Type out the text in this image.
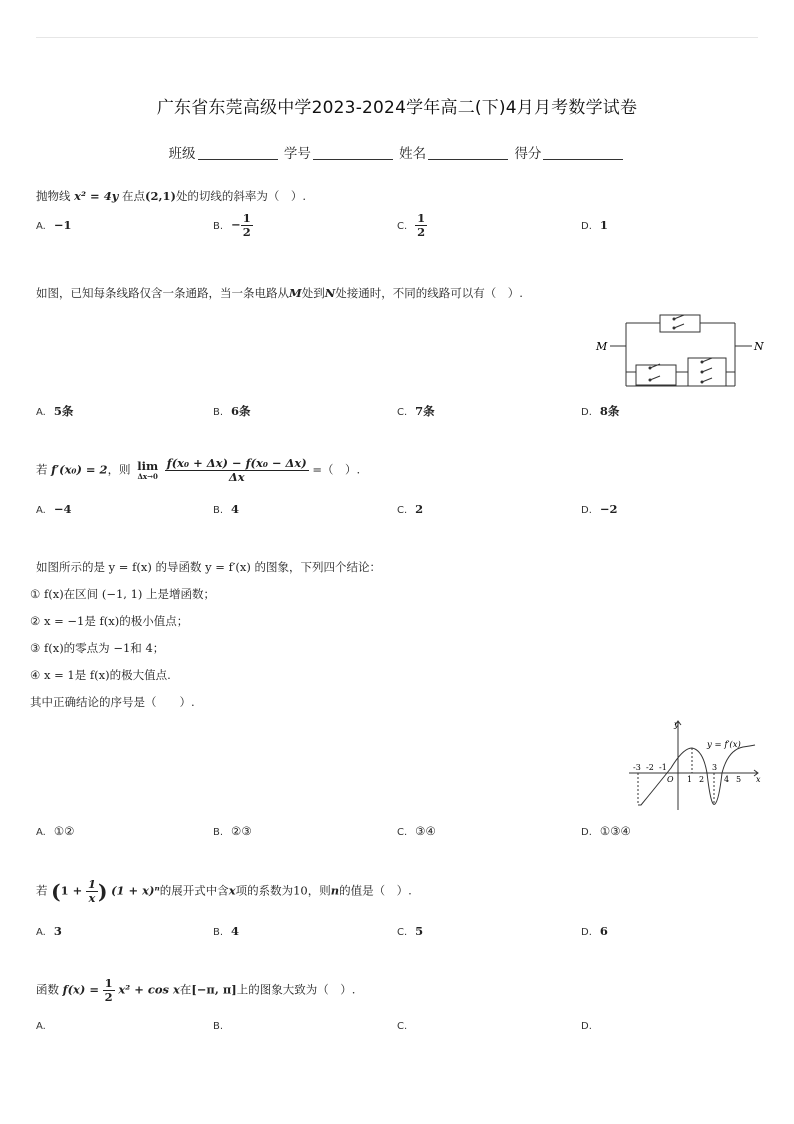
广东省东莞高级中学2023-2024学年高二(下)4月月考数学试卷
班级	学号	姓名	得分
抛物线 x² = 4y 在点(2,1)处的切线的斜率为（　）.
A. −1	B. − $\frac{1}{2}$	C. $\frac{1}{2}$	D. 1
如图，已知每条线路仅含一条通路，当一条电路从M处到N处接通时，不同的线路可以有（　）.
M	N
A. 5条	B. 6条	C. 7条	D. 8条
若 f′(x₀) = 2，则 lim
Δx→0
$\frac{\text{f(x₀ + Δx) − f(x₀ − Δx)}}{\Delta x}$ =（　）.
A. −4	B. 4	C. 2	D. −2
如图所示的是 y = f(x) 的导函数 y = f′(x) 的图象，下列四个结论：
① f(x)在区间 (−1, 1) 上是增函数；
② x = −1是 f(x)的极小值点；
③ f(x)的零点为 −1和 4；
④ x = 1是 f(x)的极大值点.
其中正确结论的序号是（　　）.
y
x
y = f′(x)
O
-3 -2 -1
1 2
3
4 5
A. ①②	B. ②③	C. ③④	D. ①③④
若 ($1 + \frac{1}{x}$ ) (1 + x)ⁿ的展开式中含x项的系数为10，则n的值是（　）.
A. 3	B. 4	C. 5	D. 6
函数 $f(x) = \frac{1}{2} x^2 + \cos x$在[−π, π]上的图象大致为（　）.
A.	B.	C.	D.
